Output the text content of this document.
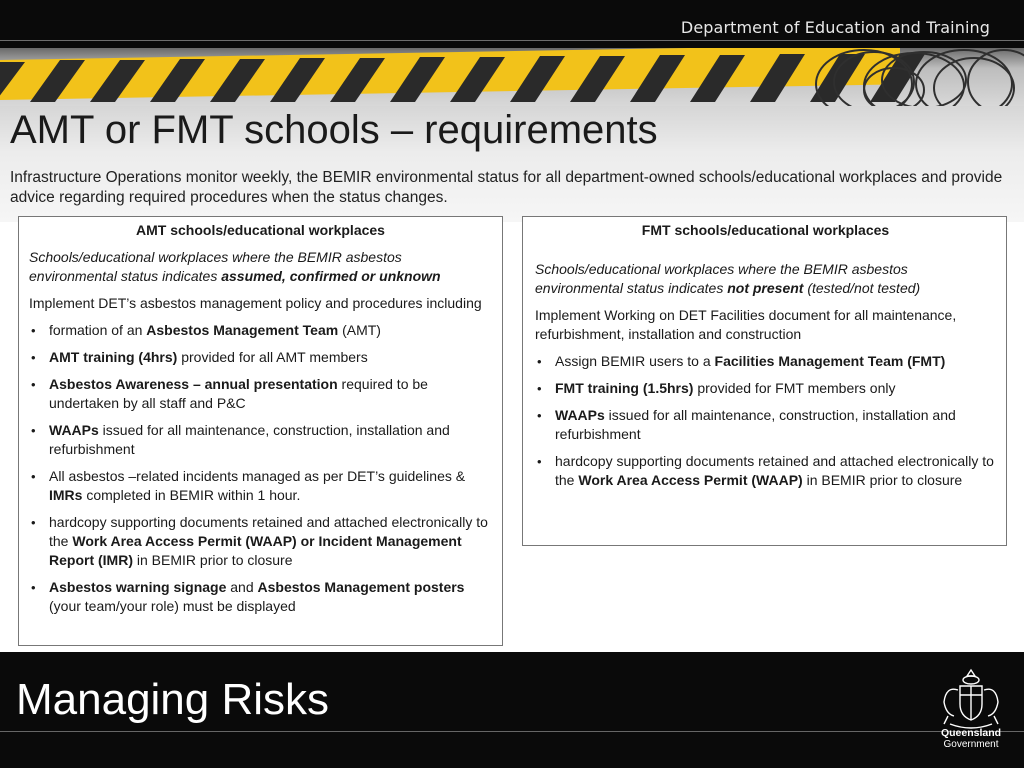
Department of Education and Training
AMT or FMT schools – requirements

Infrastructure Operations monitor weekly, the BEMIR environmental status for all department-owned schools/educational workplaces and provide advice regarding required procedures when the status changes.

AMT schools/educational workplaces

Schools/educational workplaces where the BEMIR asbestos environmental status indicates assumed, confirmed or unknown

Implement DET’s asbestos management policy and procedures including

• formation of an Asbestos Management Team (AMT)
• AMT training (4hrs) provided for all AMT members
• Asbestos Awareness – annual presentation required to be undertaken by all staff and P&C
• WAAPs issued for all maintenance, construction, installation and refurbishment
• All asbestos –related incidents managed as per DET’s guidelines & IMRs completed in BEMIR within 1 hour.
• hardcopy supporting documents retained and attached electronically to the Work Area Access Permit (WAAP) or Incident Management Report (IMR) in BEMIR prior to closure
• Asbestos warning signage and Asbestos Management posters (your team/your role) must be displayed
FMT schools/educational workplaces

Schools/educational workplaces where the BEMIR asbestos environmental status indicates not present (tested/not tested)

Implement Working on DET Facilities document for all maintenance, refurbishment, installation and construction

• Assign BEMIR users to a Facilities Management Team (FMT)
• FMT training (1.5hrs) provided for FMT members only
• WAAPs issued for all maintenance, construction, installation and refurbishment
• hardcopy supporting documents retained and attached electronically to the Work Area Access Permit (WAAP) in BEMIR prior to closure
Managing Risks
Queensland
Government
